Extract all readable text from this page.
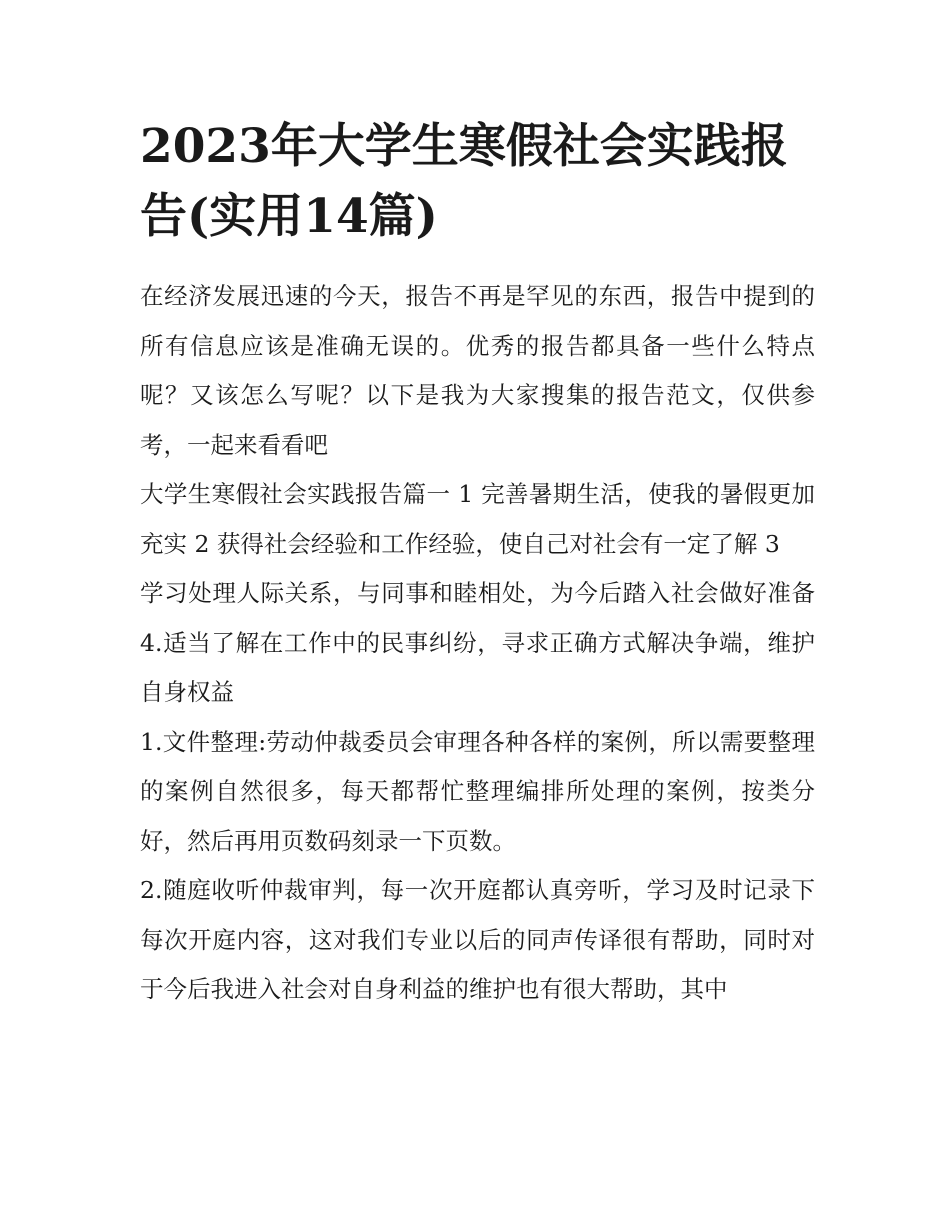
2023年大学生寒假社会实践报告(实用14篇)

在经济发展迅速的今天，报告不再是罕见的东西，报告中提到的所有信息应该是准确无误的。优秀的报告都具备一些什么特点呢？又该怎么写呢？以下是我为大家搜集的报告范文，仅供参考，一起来看看吧

大学生寒假社会实践报告篇一 1 完善暑期生活，使我的暑假更加充实 2 获得社会经验和工作经验，使自己对社会有一定了解 3

学习处理人际关系，与同事和睦相处，为今后踏入社会做好准备 4.适当了解在工作中的民事纠纷，寻求正确方式解决争端，维护自身权益

1.文件整理:劳动仲裁委员会审理各种各样的案例，所以需要整理的案例自然很多，每天都帮忙整理编排所处理的案例，按类分好，然后再用页数码刻录一下页数。

2.随庭收听仲裁审判，每一次开庭都认真旁听，学习及时记录下每次开庭内容，这对我们专业以后的同声传译很有帮助，同时对于今后我进入社会对自身利益的维护也有很大帮助，其中
